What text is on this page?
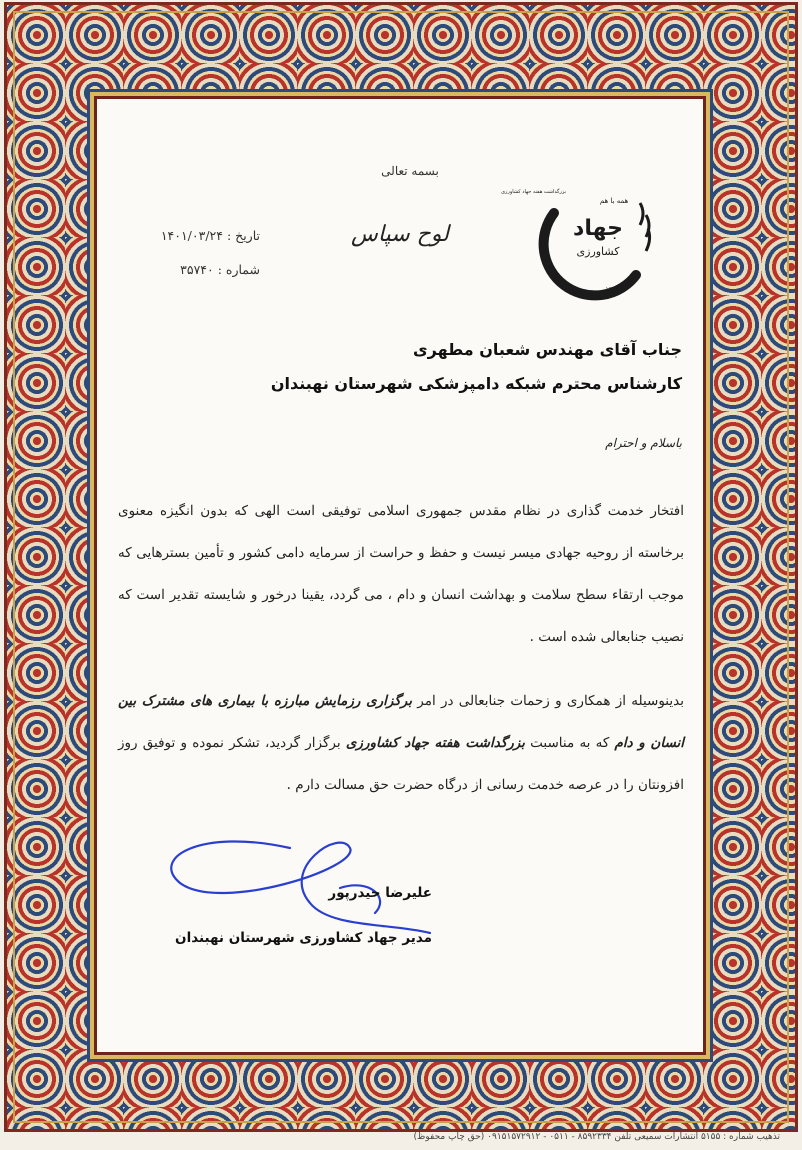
بسمه تعالی
همه با هم
جهاد
کشاورزی
۱۳۷۱
بزرگداشت هفته جهاد کشاورزی
لوح سپاس
تاریخ : ۱۴۰۱/۰۳/۲۴
شماره : ۳۵۷۴۰
جناب آقای مهندس شعبان مطهری
کارشناس محترم شبکه دامپزشکی شهرستان نهبندان
باسلام و احترام
افتخار خدمت گذاری در نظام مقدس جمهوری اسلامی توفیقی است الهی که بدون انگیزه معنوی برخاسته از روحیه جهادی میسر نیست و حفظ و حراست از سرمایه دامی کشور و تأمین بسترهایی که موجب ارتقاء سطح سلامت و بهداشت انسان و دام ، می گردد، یقینا درخور و شایسته تقدیر است که نصیب جنابعالی شده است .
بدینوسیله از همکاری و زحمات جنابعالی در امر برگزاری رزمایش مبارزه با بیماری های مشترک بین انسان و دام که به مناسبت بزرگداشت هفته جهاد کشاورزی برگزار گردید، تشکر نموده و توفیق روز افزونتان را در عرصه خدمت رسانی از درگاه حضرت حق مسالت دارم .
علیرضا حیدرپور
مدیر جهاد کشاورزی شهرستان نهبندان
تذهیب شماره : ۵۱۵۵ انتشارات سمیعی تلفن ۸۵۹۲۳۳۴ - ۰۵۱۱ - ۰۹۱۵۱۵۷۲۹۱۲ (حق چاپ محفوظ)
